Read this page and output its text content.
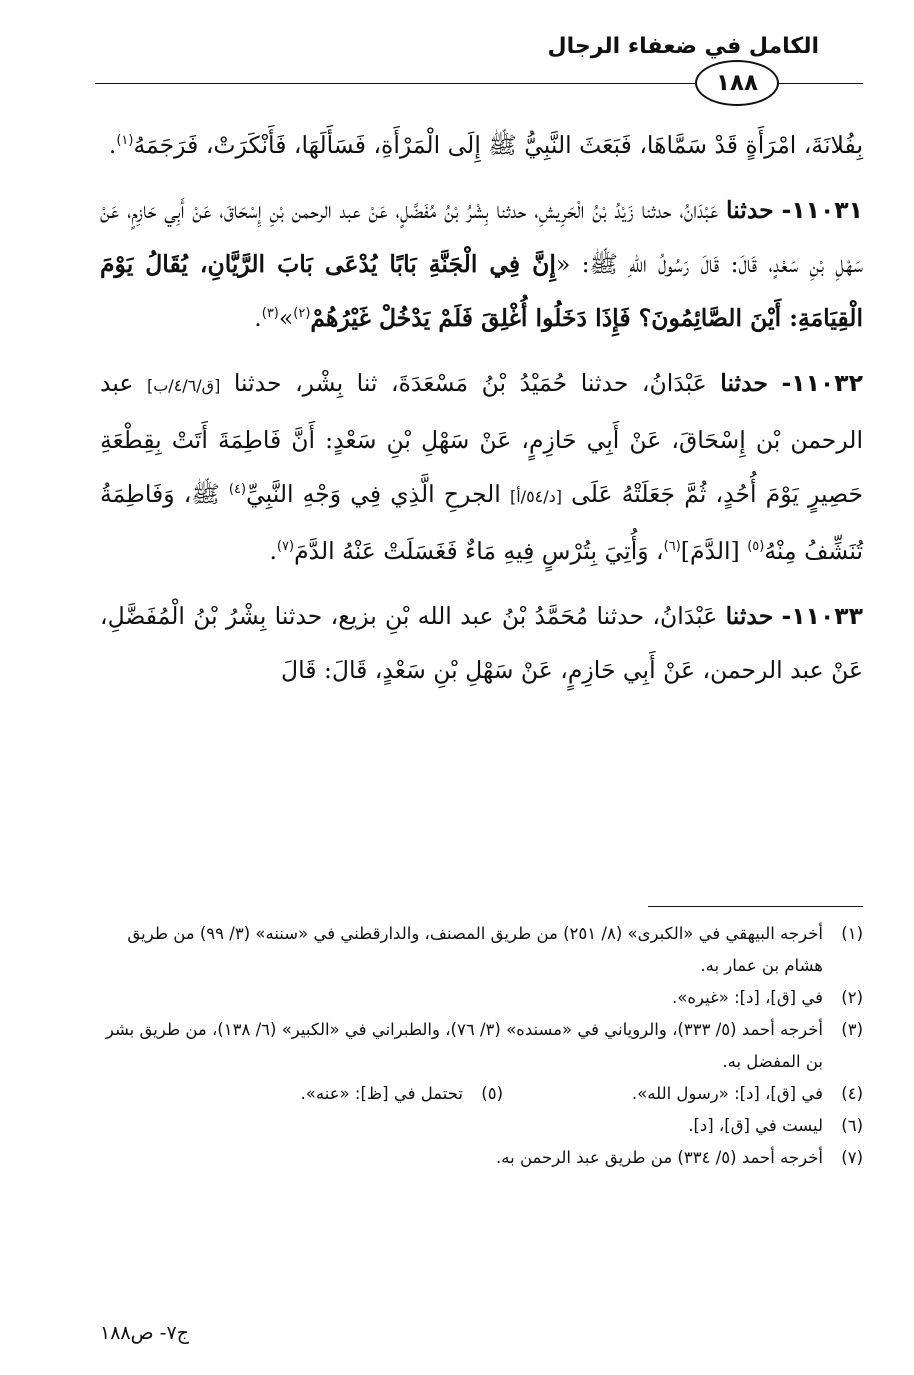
الكامل في ضعفاء الرجال
١٨٨

بِفُلانَةَ، امْرَأَةٍ قَدْ سَمَّاهَا، فَبَعَثَ النَّبِيُّ ﷺ إِلَى الْمَرْأَةِ، فَسَأَلَهَا، فَأَنْكَرَتْ، فَرَجَمَهُ$^{(١)}$.

١١٠٣١- حدثنا عَبْدَانُ، حدثنا زَيْدُ بْنُ الْحَرِيشِ، حدثنا بِشْرُ بْنُ مُفَضَّلٍ، عَنْ عبد الرحمن بْنِ إِسْحَاقَ، عَنْ أَبِي حَازِمٍ، عَنْ سَهْلِ بْنِ سَعْدٍ، قَالَ: قَالَ رَسُولُ اللهِ ﷺ: «إِنَّ فِي الْجَنَّةِ بَابًا يُدْعَى بَابَ الرَّيَّانِ، يُقَالُ يَوْمَ الْقِيَامَةِ: أَيْنَ الصَّائِمُونَ؟ فَإِذَا دَخَلُوا أُغْلِقَ فَلَمْ يَدْخُلْ غَيْرُهُمْ$^{(٢)}$»$^{(٣)}$.

١١٠٣٢- حدثنا عَبْدَانُ، حدثنا حُمَيْدُ بْنُ مَسْعَدَةَ، ثنا بِشْر، حدثنا [ق/٤/٦/ب] عبد الرحمن بْن إِسْحَاقَ، عَنْ أَبِي حَازِمٍ، عَنْ سَهْلِ بْنِ سَعْدٍ: أَنَّ فَاطِمَةَ أَتَتْ بِقِطْعَةِ حَصِيرٍ يَوْمَ أُحُدٍ، ثُمَّ جَعَلَتْهُ عَلَى [د/٥٤/أ] الجرحِ الَّذِي فِي وَجْهِ النَّبِيِّ$^{(٤)}$ ﷺ، وَفَاطِمَةُ تُنَشِّفُ مِنْهُ$^{(٥)}$ [الدَّمَ]$^{(٦)}$، وَأُتِيَ بِتُرْسٍ فِيهِ مَاءٌ فَغَسَلَتْ عَنْهُ الدَّمَ$^{(٧)}$.

١١٠٣٣- حدثنا عَبْدَانُ، حدثنا مُحَمَّدُ بْنُ عبد الله بْنِ بزيع، حدثنا بِشْرُ بْنُ الْمُفَضَّلِ، عَنْ عبد الرحمن، عَنْ أَبِي حَازِمٍ، عَنْ سَهْلِ بْنِ سَعْدٍ، قَالَ: قَالَ

(١)
أخرجه البيهقي في «الكبرى» (٨/ ٢٥١) من طريق المصنف، والدارقطني في «سننه» (٣/ ٩٩) من طريق هشام بن عمار به.
(٢)
في [ق]، [د]: «غيره».
(٣)
أخرجه أحمد (٥/ ٣٣٣)، والروياني في «مسنده» (٣/ ٧٦)، والطبراني في «الكبير» (٦/ ١٣٨)، من طريق بشر بن المفضل به.
(٤)
في [ق]، [د]: «رسول الله».
(٥)
تحتمل في [ظ]: «عنه».
(٦)
ليست في [ق]، [د].
(٧)
أخرجه أحمد (٥/ ٣٣٤) من طريق عبد الرحمن به.
ج٧- ص١٨٨
